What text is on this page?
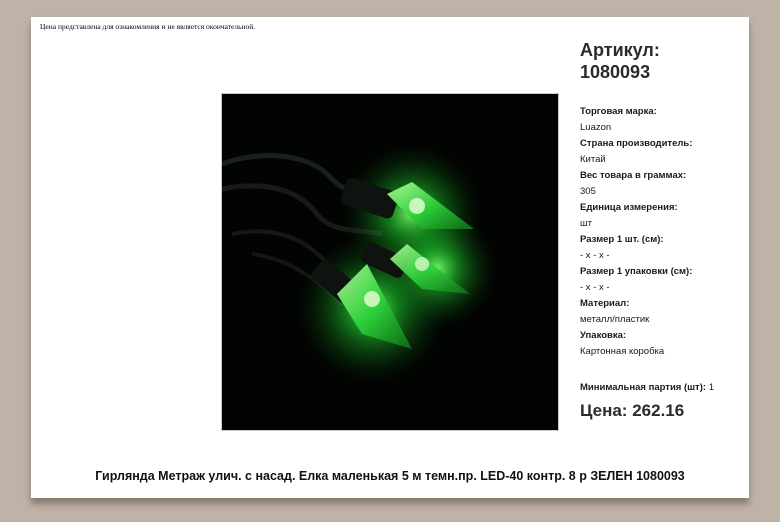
Цена представлена для ознакомления и не является окончательной.
Артикул:
1080093
Торговая марка:
Luazon
Страна производитель:
Китай
Вес товара в граммах:
305
Единица измерения:
шт
Размер 1 шт. (см):
- x - x -
Размер 1 упаковки (см):
- x - x -
Материал:
металл/пластик
Упаковка:
Картонная коробка
Минимальная партия (шт): 1
Цена: 262.16
Гирлянда Метраж улич. с насад. Елка маленькая 5 м темн.пр. LED-40 контр. 8 р ЗЕЛЕН 1080093
